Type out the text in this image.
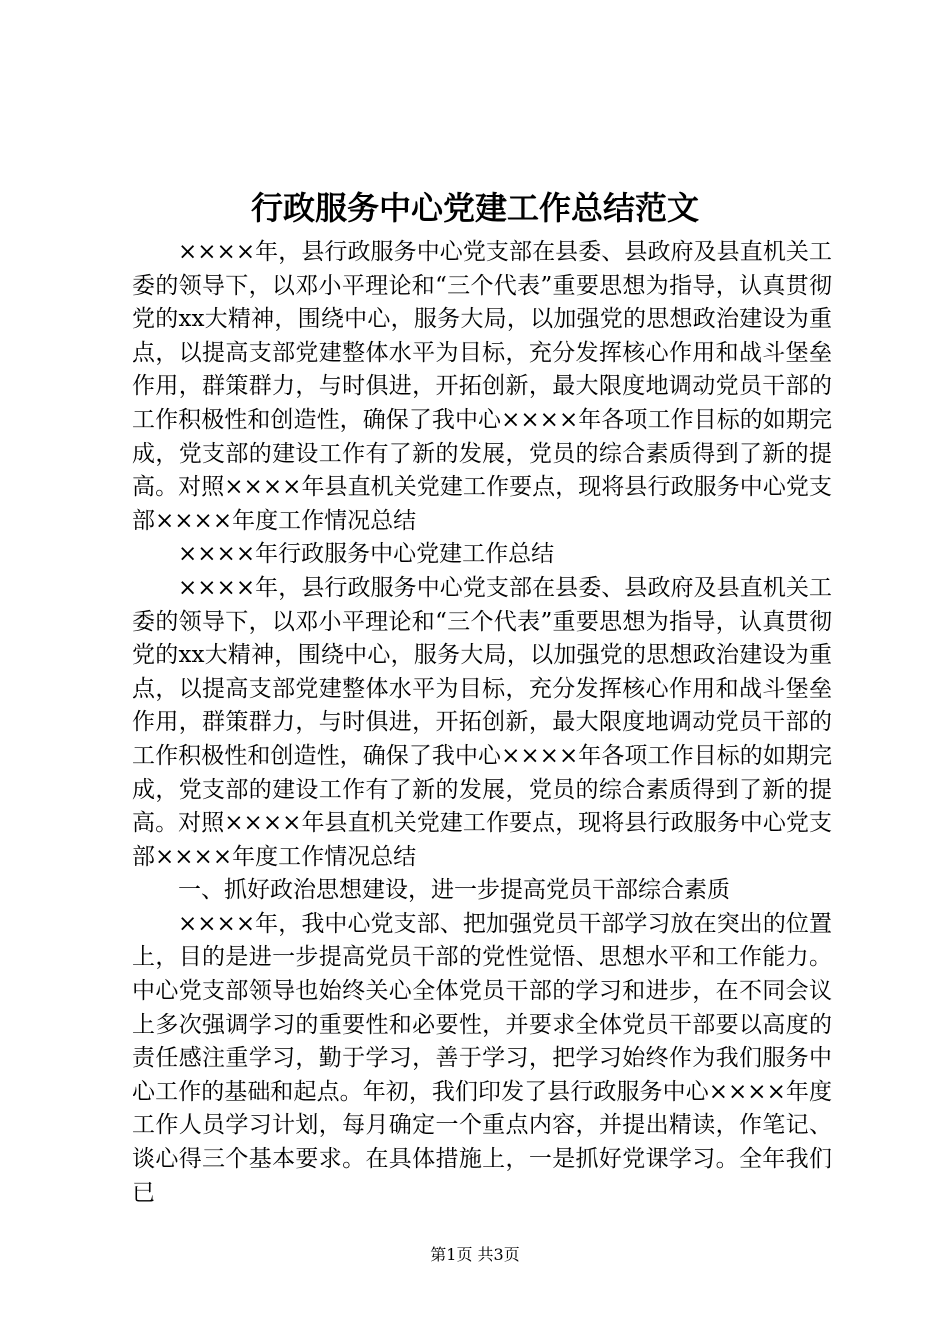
行政服务中心党建工作总结范文

××××年，县行政服务中心党支部在县委、县政府及县直机关工委的领导下，以邓小平理论和“三个代表”重要思想为指导，认真贯彻党的xx大精神，围绕中心，服务大局，以加强党的思想政治建设为重点，以提高支部党建整体水平为目标，充分发挥核心作用和战斗堡垒作用，群策群力，与时俱进，开拓创新，最大限度地调动党员干部的工作积极性和创造性，确保了我中心××××年各项工作目标的如期完成，党支部的建设工作有了新的发展，党员的综合素质得到了新的提高。对照××××年县直机关党建工作要点，现将县行政服务中心党支部××××年度工作情况总结

××××年行政服务中心党建工作总结

××××年，县行政服务中心党支部在县委、县政府及县直机关工委的领导下，以邓小平理论和“三个代表”重要思想为指导，认真贯彻党的xx大精神，围绕中心，服务大局，以加强党的思想政治建设为重点，以提高支部党建整体水平为目标，充分发挥核心作用和战斗堡垒作用，群策群力，与时俱进，开拓创新，最大限度地调动党员干部的工作积极性和创造性，确保了我中心××××年各项工作目标的如期完成，党支部的建设工作有了新的发展，党员的综合素质得到了新的提高。对照××××年县直机关党建工作要点，现将县行政服务中心党支部××××年度工作情况总结

一、抓好政治思想建设，进一步提高党员干部综合素质

××××年，我中心党支部、把加强党员干部学习放在突出的位置上，目的是进一步提高党员干部的党性觉悟、思想水平和工作能力。中心党支部领导也始终关心全体党员干部的学习和进步，在不同会议上多次强调学习的重要性和必要性，并要求全体党员干部要以高度的责任感注重学习，勤于学习，善于学习，把学习始终作为我们服务中心工作的基础和起点。年初，我们印发了县行政服务中心××××年度工作人员学习计划，每月确定一个重点内容，并提出精读，作笔记、谈心得三个基本要求。在具体措施上，一是抓好党课学习。全年我们已

第1页 共3页
